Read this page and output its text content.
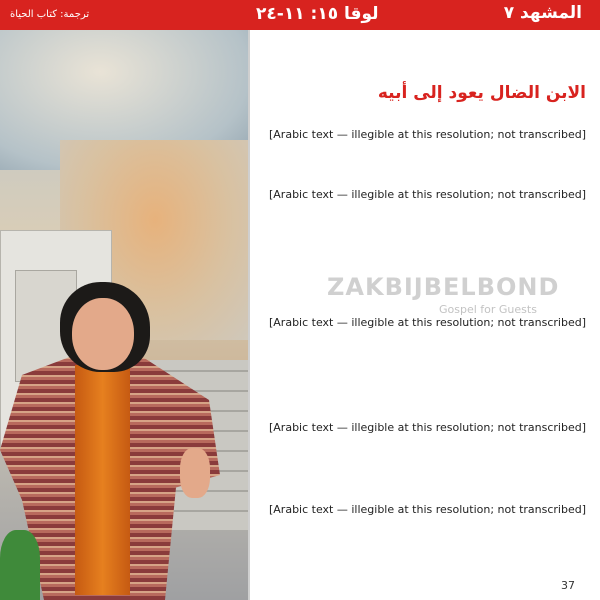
ترجمة: كتاب الحياة	لوقا ١٥: ١١-٢٤	المشهد ٧
الابن الضال يعود إلى أبيه

[Arabic text — illegible at this resolution; not transcribed]

[Arabic text — illegible at this resolution; not transcribed]

[Arabic text — illegible at this resolution; not transcribed]

[Arabic text — illegible at this resolution; not transcribed]

[Arabic text — illegible at this resolution; not transcribed]

ZAKBIJBELBOND
Gospel for Guests
37
